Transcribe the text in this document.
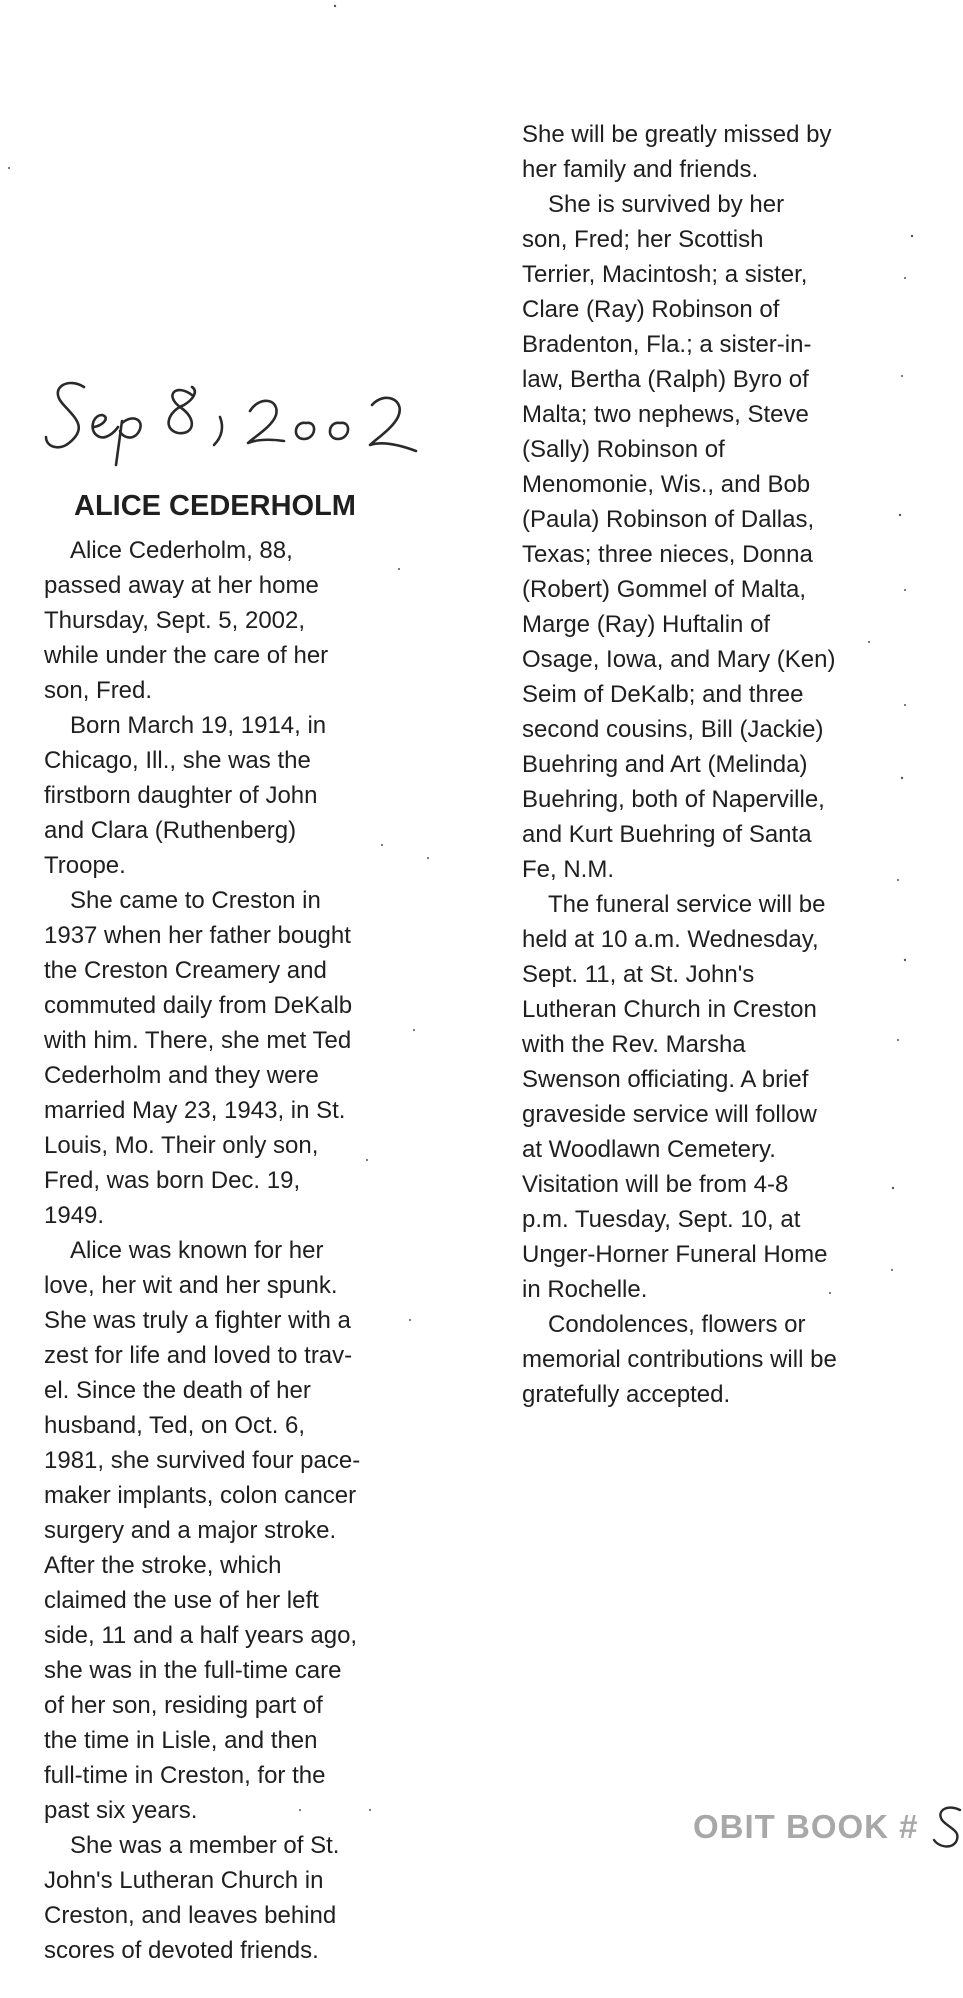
ALICE CEDERHOLM
Alice Cederholm, 88,
passed away at her home
Thursday, Sept. 5, 2002,
while under the care of her
son, Fred.
Born March 19, 1914, in
Chicago, Ill., she was the
firstborn daughter of John
and Clara (Ruthenberg)
Troope.
She came to Creston in
1937 when her father bought
the Creston Creamery and
commuted daily from DeKalb
with him. There, she met Ted
Cederholm and they were
married May 23, 1943, in St.
Louis, Mo. Their only son,
Fred, was born Dec. 19,
1949.
Alice was known for her
love, her wit and her spunk.
She was truly a fighter with a
zest for life and loved to trav-
el. Since the death of her
husband, Ted, on Oct. 6,
1981, she survived four pace-
maker implants, colon cancer
surgery and a major stroke.
After the stroke, which
claimed the use of her left
side, 11 and a half years ago,
she was in the full-time care
of her son, residing part of
the time in Lisle, and then
full-time in Creston, for the
past six years.
She was a member of St.
John's Lutheran Church in
Creston, and leaves behind
scores of devoted friends.
She will be greatly missed by
her family and friends.
She is survived by her
son, Fred; her Scottish
Terrier, Macintosh; a sister,
Clare (Ray) Robinson of
Bradenton, Fla.; a sister-in-
law, Bertha (Ralph) Byro of
Malta; two nephews, Steve
(Sally) Robinson of
Menomonie, Wis., and Bob
(Paula) Robinson of Dallas,
Texas; three nieces, Donna
(Robert) Gommel of Malta,
Marge (Ray) Huftalin of
Osage, Iowa, and Mary (Ken)
Seim of DeKalb; and three
second cousins, Bill (Jackie)
Buehring and Art (Melinda)
Buehring, both of Naperville,
and Kurt Buehring of Santa
Fe, N.M.
The funeral service will be
held at 10 a.m. Wednesday,
Sept. 11, at St. John's
Lutheran Church in Creston
with the Rev. Marsha
Swenson officiating. A brief
graveside service will follow
at Woodlawn Cemetery.
Visitation will be from 4-8
p.m. Tuesday, Sept. 10, at
Unger-Horner Funeral Home
in Rochelle.
Condolences, flowers or
memorial contributions will be
gratefully accepted.
OBIT BOOK #
